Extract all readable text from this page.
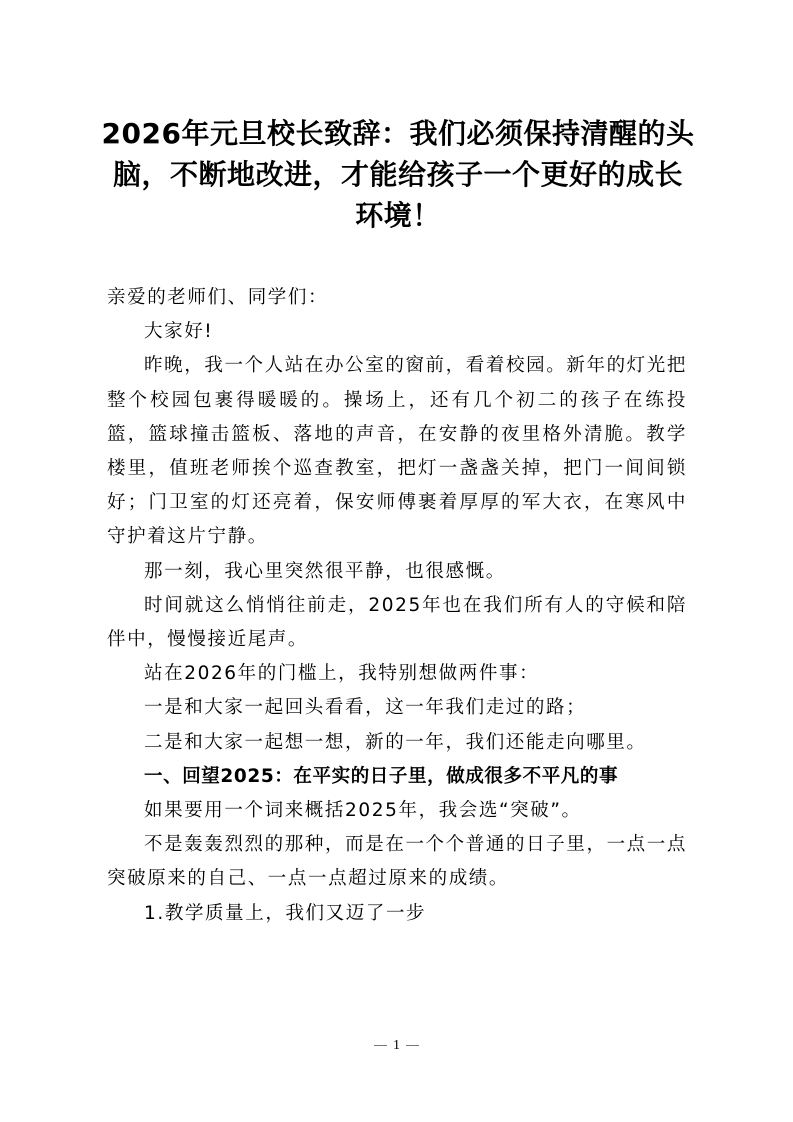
2026年元旦校长致辞：我们必须保持清醒的头脑，不断地改进，才能给孩子一个更好的成长环境！

亲爱的老师们、同学们：

大家好!

昨晚，我一个人站在办公室的窗前，看着校园。新年的灯光把整个校园包裹得暖暖的。操场上，还有几个初二的孩子在练投篮，篮球撞击篮板、落地的声音，在安静的夜里格外清脆。教学楼里，值班老师挨个巡查教室，把灯一盏盏关掉，把门一间间锁好；门卫室的灯还亮着，保安师傅裹着厚厚的军大衣，在寒风中守护着这片宁静。

那一刻，我心里突然很平静，也很感慨。

时间就这么悄悄往前走，2025年也在我们所有人的守候和陪伴中，慢慢接近尾声。

站在2026年的门槛上，我特别想做两件事：

一是和大家一起回头看看，这一年我们走过的路；

二是和大家一起想一想，新的一年，我们还能走向哪里。

一、回望2025：在平实的日子里，做成很多不平凡的事

如果要用一个词来概括2025年，我会选“突破”。

不是轰轰烈烈的那种，而是在一个个普通的日子里，一点一点突破原来的自己、一点一点超过原来的成绩。

1.教学质量上，我们又迈了一步

1
